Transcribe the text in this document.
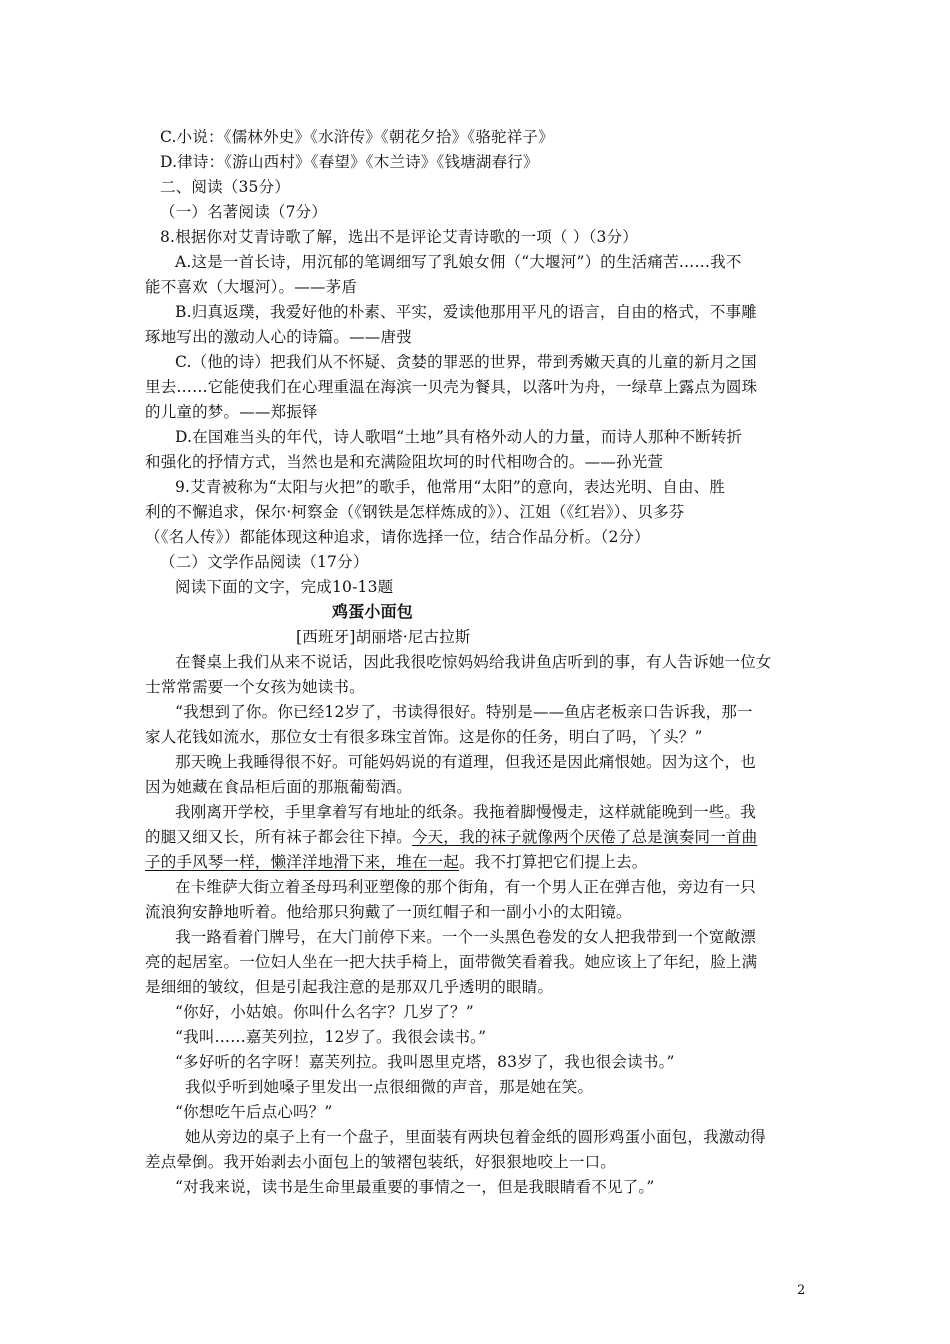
C.小说：《儒林外史》《水浒传》《朝花夕拾》《骆驼祥子》
D.律诗：《游山西村》《春望》《木兰诗》《钱塘湖春行》
二、阅读（35分）
（一）名著阅读（7分）
8.根据你对艾青诗歌了解，选出不是评论艾青诗歌的一项（ ）（3分）
A.这是一首长诗，用沉郁的笔调细写了乳娘女佣（“大堰河”）的生活痛苦……我不
能不喜欢（大堰河）。——茅盾
B.归真返璞，我爱好他的朴素、平实，爱读他那用平凡的语言，自由的格式，不事雕
琢地写出的激动人心的诗篇。——唐弢
C.（他的诗）把我们从不怀疑、贪婪的罪恶的世界，带到秀嫩天真的儿童的新月之国
里去……它能使我们在心理重温在海滨一贝壳为餐具，以落叶为舟，一绿草上露点为圆珠
的儿童的梦。——郑振铎
D.在国难当头的年代，诗人歌唱“土地”具有格外动人的力量，而诗人那种不断转折
和强化的抒情方式，当然也是和充满险阻坎坷的时代相吻合的。——孙光萱
9.艾青被称为“太阳与火把”的歌手，他常用“太阳”的意向，表达光明、自由、胜
利的不懈追求，保尔·柯察金（《钢铁是怎样炼成的》）、江姐（《红岩》）、贝多芬
（《名人传》）都能体现这种追求，请你选择一位，结合作品分析。（2分）
（二）文学作品阅读（17分）
阅读下面的文字，完成10-13题
鸡蛋小面包
[西班牙]胡丽塔·尼古拉斯
在餐桌上我们从来不说话，因此我很吃惊妈妈给我讲鱼店听到的事，有人告诉她一位女
士常常需要一个女孩为她读书。
“我想到了你。你已经12岁了，书读得很好。特别是——鱼店老板亲口告诉我，那一
家人花钱如流水，那位女士有很多珠宝首饰。这是你的任务，明白了吗，丫头？”
那天晚上我睡得很不好。可能妈妈说的有道理，但我还是因此痛恨她。因为这个，也
因为她藏在食品柜后面的那瓶葡萄酒。
我刚离开学校，手里拿着写有地址的纸条。我拖着脚慢慢走，这样就能晚到一些。我
的腿又细又长，所有袜子都会往下掉。今天，我的袜子就像两个厌倦了总是演奏同一首曲
子的手风琴一样，懒洋洋地滑下来，堆在一起。我不打算把它们提上去。
在卡维萨大街立着圣母玛利亚塑像的那个街角，有一个男人正在弹吉他，旁边有一只
流浪狗安静地听着。他给那只狗戴了一顶红帽子和一副小小的太阳镜。
我一路看着门牌号，在大门前停下来。一个一头黑色卷发的女人把我带到一个宽敞漂
亮的起居室。一位妇人坐在一把大扶手椅上，面带微笑看着我。她应该上了年纪，脸上满
是细细的皱纹，但是引起我注意的是那双几乎透明的眼睛。
“你好，小姑娘。你叫什么名字？几岁了？”
“我叫……嘉芙列拉，12岁了。我很会读书。”
“多好听的名字呀！嘉芙列拉。我叫恩里克塔，83岁了，我也很会读书。”
我似乎听到她嗓子里发出一点很细微的声音，那是她在笑。
“你想吃午后点心吗？”
她从旁边的桌子上有一个盘子，里面装有两块包着金纸的圆形鸡蛋小面包，我激动得
差点晕倒。我开始剥去小面包上的皱褶包装纸，好狠狠地咬上一口。
“对我来说，读书是生命里最重要的事情之一，但是我眼睛看不见了。”
2
